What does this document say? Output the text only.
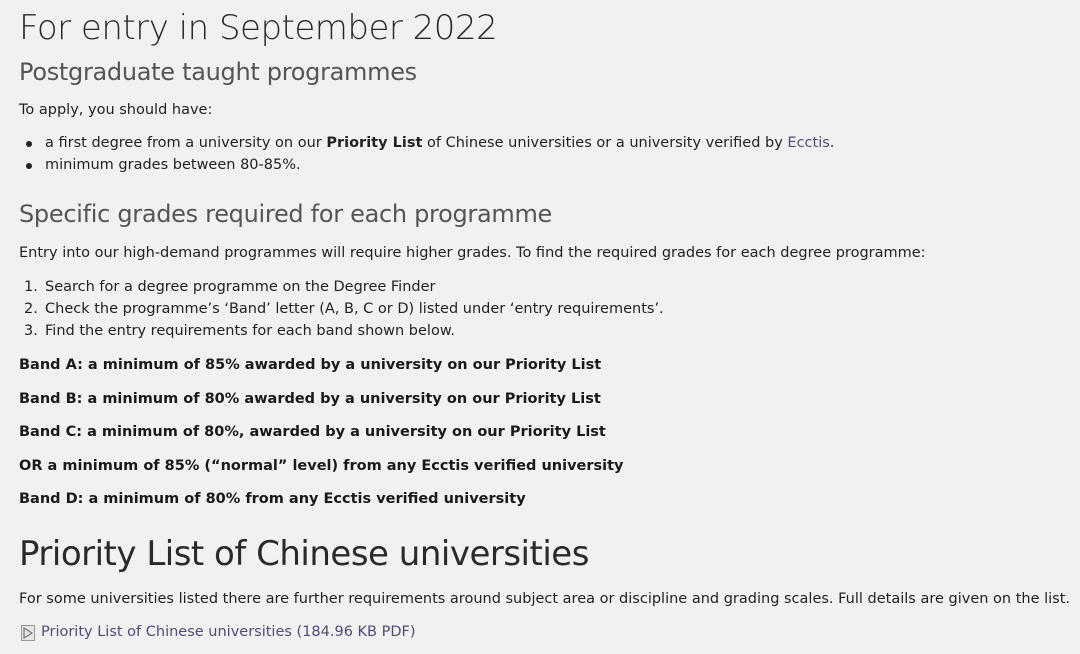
For entry in September 2022
Postgraduate taught programmes
To apply, you should have:
a first degree from a university on our Priority List of Chinese universities or a university verified by Ecctis.
minimum grades between 80-85%.
Specific grades required for each programme
Entry into our high-demand programmes will require higher grades. To find the required grades for each degree programme:
1. Search for a degree programme on the Degree Finder
2. Check the programme’s ‘Band’ letter (A, B, C or D) listed under ‘entry requirements’.
3. Find the entry requirements for each band shown below.
Band A: a minimum of 85% awarded by a university on our Priority List
Band B: a minimum of 80% awarded by a university on our Priority List
Band C: a minimum of 80%, awarded by a university on our Priority List
OR a minimum of 85% (“normal” level) from any Ecctis verified university
Band D: a minimum of 80% from any Ecctis verified university
Priority List of Chinese universities
For some universities listed there are further requirements around subject area or discipline and grading scales. Full details are given on the list.
Priority List of Chinese universities (184.96 KB PDF)
